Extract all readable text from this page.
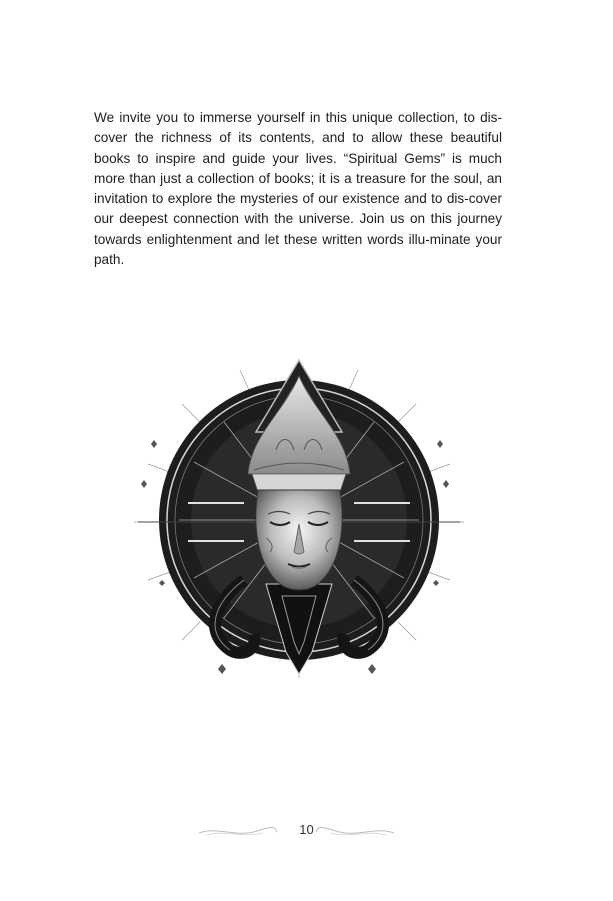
We invite you to immerse yourself in this unique collection, to dis-cover the richness of its contents, and to allow these beautiful books to inspire and guide your lives. “Spiritual Gems” is much more than just a collection of books; it is a treasure for the soul, an invitation to explore the mysteries of our existence and to dis-cover our deepest connection with the universe. Join us on this journey towards enlightenment and let these written words illu-minate your path.

10
